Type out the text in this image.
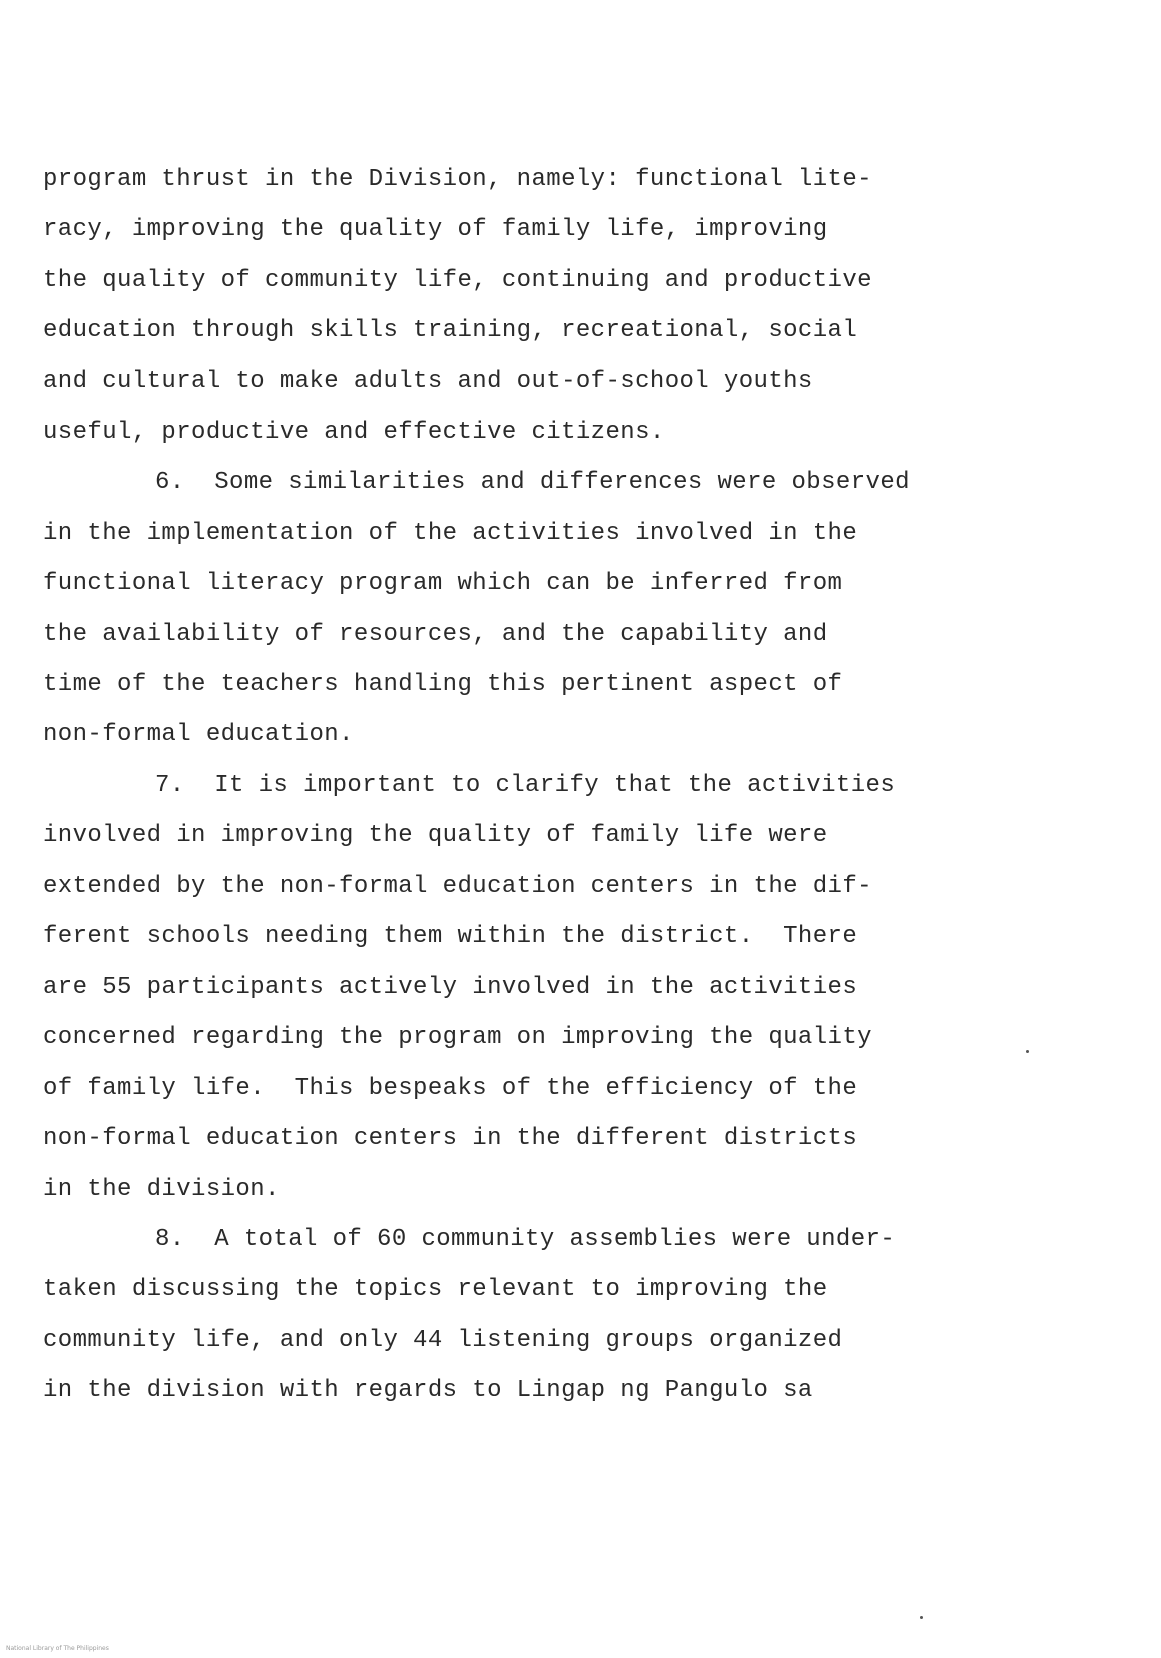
program thrust in the Division, namely: functional lite-
racy, improving the quality of family life, improving
the quality of community life, continuing and productive
education through skills training, recreational, social
and cultural to make adults and out-of-school youths
useful, productive and effective citizens.
6.  Some similarities and differences were observed
in the implementation of the activities involved in the
functional literacy program which can be inferred from
the availability of resources, and the capability and
time of the teachers handling this pertinent aspect of
non-formal education.
7.  It is important to clarify that the activities
involved in improving the quality of family life were
extended by the non-formal education centers in the dif-
ferent schools needing them within the district.  There
are 55 participants actively involved in the activities
concerned regarding the program on improving the quality
of family life.  This bespeaks of the efficiency of the
non-formal education centers in the different districts
in the division.
8.  A total of 60 community assemblies were under-
taken discussing the topics relevant to improving the
community life, and only 44 listening groups organized
in the division with regards to Lingap ng Pangulo sa
National Library of The Philippines
